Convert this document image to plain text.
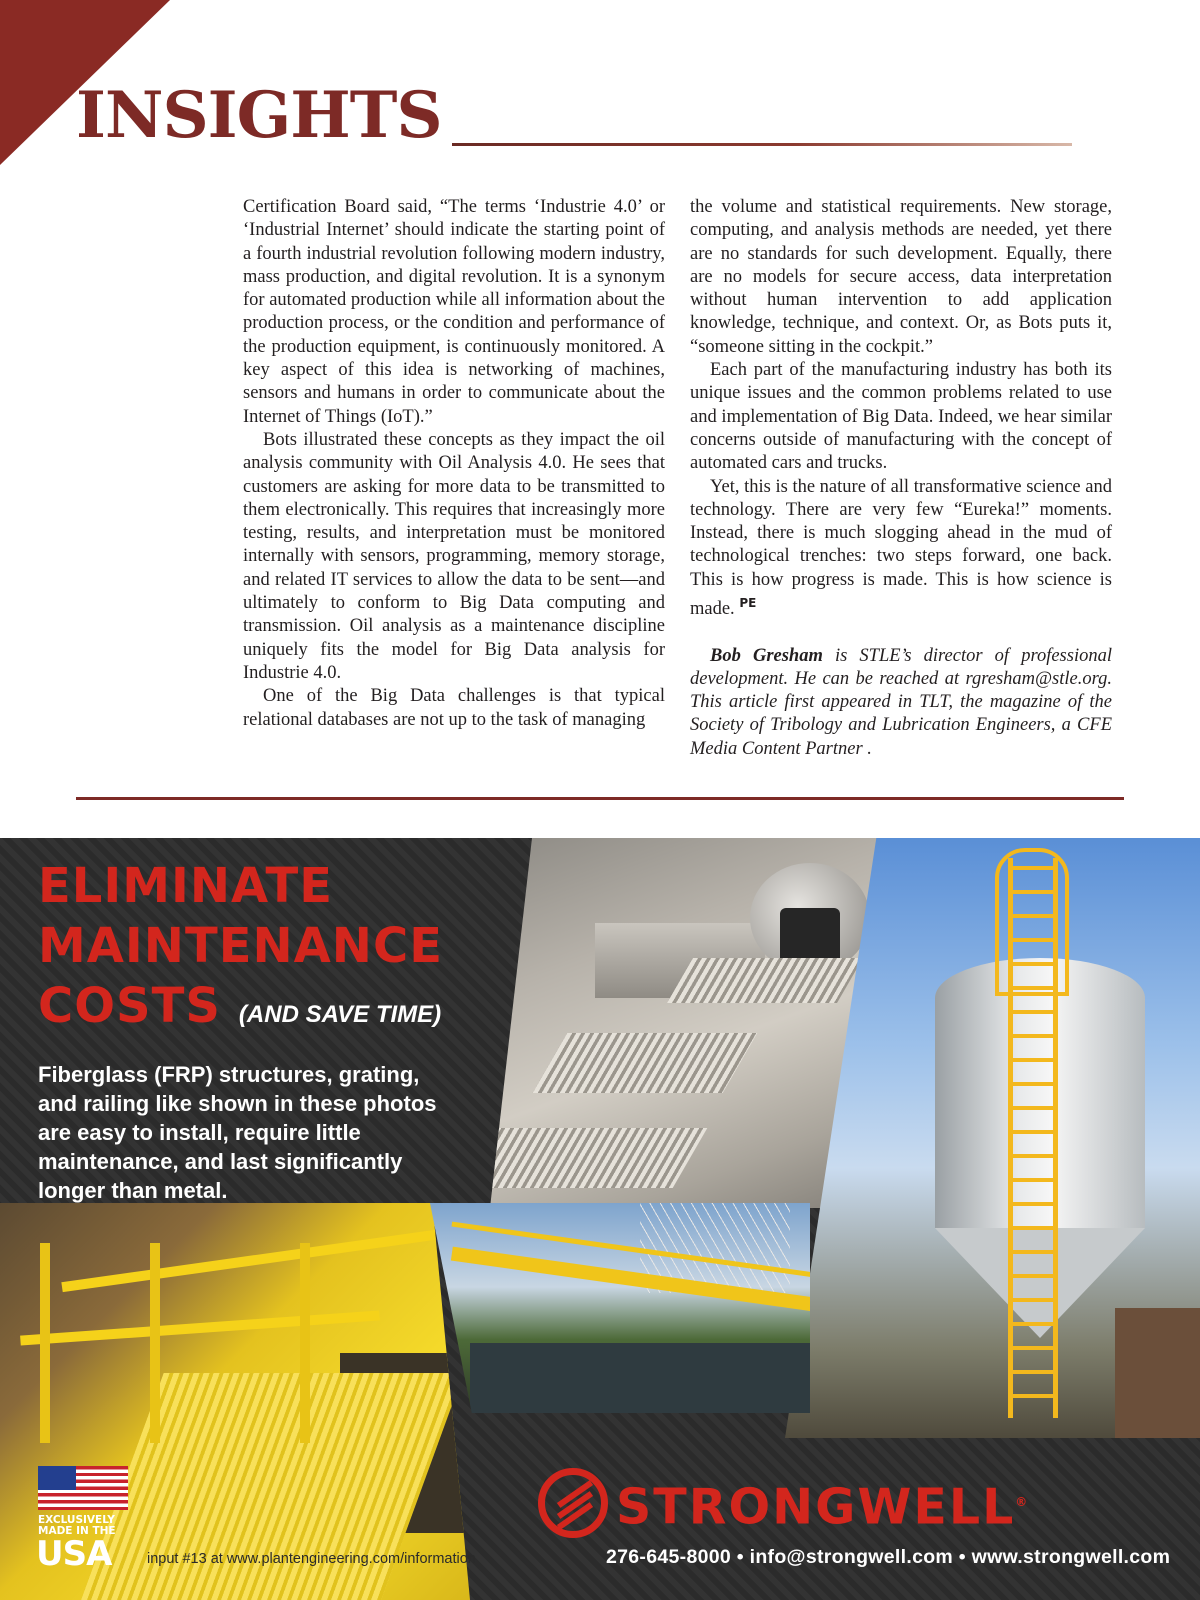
INSIGHTS

Certification Board said, “The terms ‘Industrie 4.0’ or ‘Industrial Internet’ should indicate the starting point of a fourth industrial revolution following modern industry, mass production, and digital revolution. It is a synonym for automated production while all information about the production process, or the condition and performance of the production equipment, is continuously monitored. A key aspect of this idea is networking of machines, sensors and humans in order to communicate about the Internet of Things (IoT).”

Bots illustrated these concepts as they impact the oil analysis community with Oil Analysis 4.0. He sees that customers are asking for more data to be transmitted to them electronically. This requires that increasingly more testing, results, and interpretation must be monitored internally with sensors, programming, memory storage, and related IT services to allow the data to be sent—and ultimately to conform to Big Data computing and transmission. Oil analysis as a maintenance discipline uniquely fits the model for Big Data analysis for Industrie 4.0.

One of the Big Data challenges is that typical relational databases are not up to the task of managing

the volume and statistical requirements. New storage, computing, and analysis methods are needed, yet there are no standards for such development. Equally, there are no models for secure access, data interpretation without human intervention to add application knowledge, technique, and context. Or, as Bots puts it, “someone sitting in the cockpit.”

Each part of the manufacturing industry has both its unique issues and the common problems related to use and implementation of Big Data. Indeed, we hear similar concerns outside of manufacturing with the concept of automated cars and trucks.

Yet, this is the nature of all transformative science and technology. There are very few “Eureka!” moments. Instead, there is much slogging ahead in the mud of technological trenches: two steps forward, one back. This is how progress is made. This is how science is made. $^{PE}$

Bob Gresham is STLE’s director of professional development. He can be reached at rgresham@stle.org. This article first appeared in TLT, the magazine of the Society of Tribology and Lubrication Engineers, a CFE Media Content Partner .

ELIMINATE
MAINTENANCE
COSTS (AND SAVE TIME)

Fiberglass (FRP) structures, grating, and railing like shown in these photos are easy to install, require little maintenance, and last significantly longer than metal.

EXCLUSIVELY
MADE IN THE

USA input #13 at www.plantengineering.com/information

STRONGWELL®

276-645-8000 • info@strongwell.com • www.strongwell.com
